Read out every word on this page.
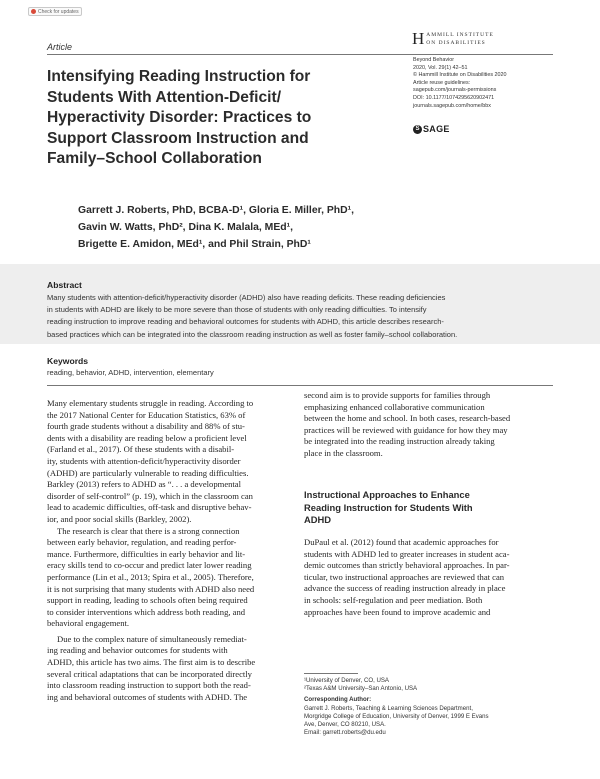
Check for updates
Article	H AMMILL INSTITUTE
ON DISABILITIES
Beyond Behavior
2020, Vol. 29(1) 42–51
© Hammill Institute on Disabilities 2020
Article reuse guidelines:
sagepub.com/journals-permissions
DOI: 10.1177/1074295620902471
journals.sagepub.com/home/bbx
S SAGE
Intensifying Reading Instruction for
Students With Attention-Deficit/
Hyperactivity Disorder: Practices to
Support Classroom Instruction and
Family–School Collaboration
Garrett J. Roberts, PhD, BCBA-D¹, Gloria E. Miller, PhD¹,
Gavin W. Watts, PhD², Dina K. Malala, MEd¹,
Brigette E. Amidon, MEd¹, and Phil Strain, PhD¹
Abstract
Many students with attention-deficit/hyperactivity disorder (ADHD) also have reading deficits. These reading deficiencies
in students with ADHD are likely to be more severe than those of students with only reading difficulties. To intensify
reading instruction to improve reading and behavioral outcomes for students with ADHD, this article describes research-
based practices which can be integrated into the classroom reading instruction as well as foster family–school collaboration.
Keywords
reading, behavior, ADHD, intervention, elementary
Many elementary students struggle in reading. According to
the 2017 National Center for Education Statistics, 63% of
fourth grade students without a disability and 88% of stu-
dents with a disability are reading below a proficient level
(Farland et al., 2017). Of these students with a disabil-
ity, students with attention-deficit/hyperactivity disorder
(ADHD) are particularly vulnerable to reading difficulties.
Barkley (2013) refers to ADHD as “. . . a developmental
disorder of self-control” (p. 19), which in the classroom can
lead to academic difficulties, off-task and disruptive behav-
ior, and poor social skills (Barkley, 2002).
The research is clear that there is a strong connection
between early behavior, regulation, and reading perfor-
mance. Furthermore, difficulties in early behavior and lit-
eracy skills tend to co-occur and predict later lower reading
performance (Lin et al., 2013; Spira et al., 2005). Therefore,
it is not surprising that many students with ADHD also need
support in reading, leading to schools often being required
to consider interventions which address both reading, and
behavioral engagement.
Due to the complex nature of simultaneously remediat-
ing reading and behavior outcomes for students with
ADHD, this article has two aims. The first aim is to describe
several critical adaptations that can be incorporated directly
into classroom reading instruction to support both the read-
ing and behavioral outcomes of students with ADHD. The
second aim is to provide supports for families through
emphasizing enhanced collaborative communication
between the home and school. In both cases, research-based
practices will be reviewed with guidance for how they may
be integrated into the reading instruction already taking
place in the classroom.
Instructional Approaches to Enhance
Reading Instruction for Students With
ADHD
DuPaul et al. (2012) found that academic approaches for
students with ADHD led to greater increases in student aca-
demic outcomes than strictly behavioral approaches. In par-
ticular, two instructional approaches are reviewed that can
advance the success of reading instruction already in place
in schools: self-regulation and peer mediation. Both
approaches have been found to improve academic and
¹University of Denver, CO, USA
²Texas A&M University–San Antonio, USA
Corresponding Author:
Garrett J. Roberts, Teaching & Learning Sciences Department,
Morgridge College of Education, University of Denver, 1999 E Evans
Ave, Denver, CO 80210, USA.
Email: garrett.roberts@du.edu
